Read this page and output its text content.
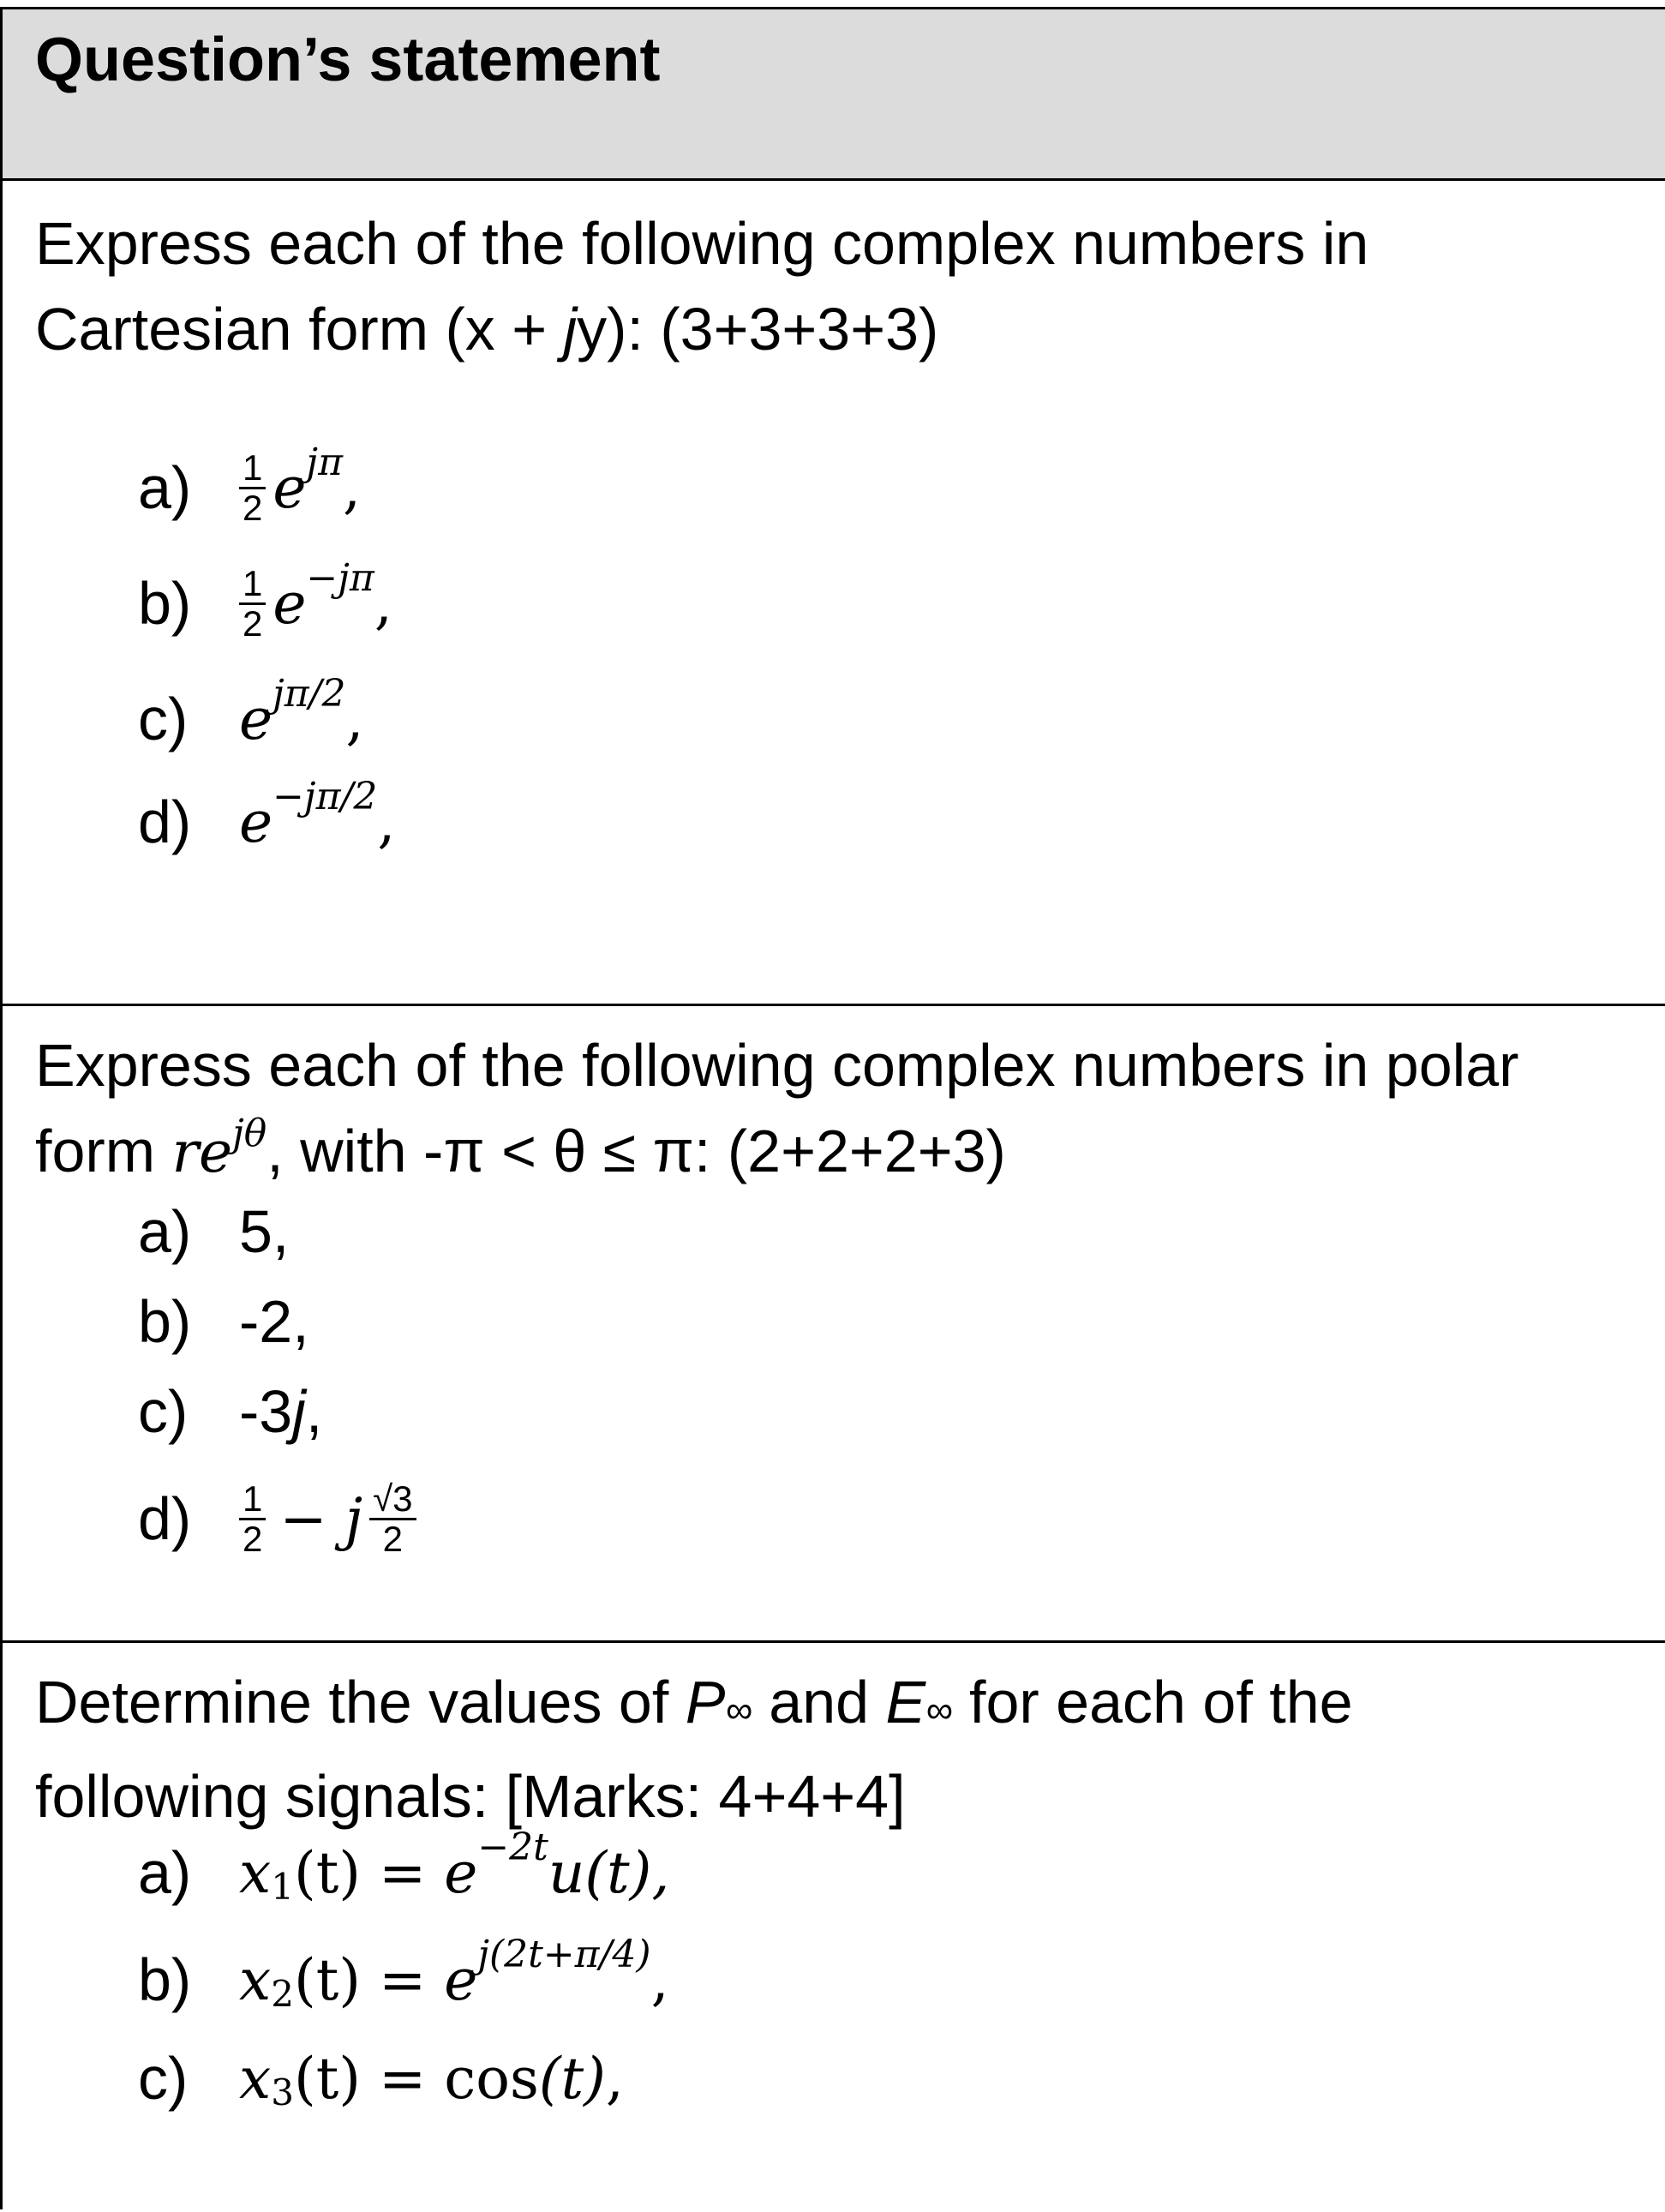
Question’s statement
Express each of the following complex numbers in
Cartesian form (x + jy): (3+3+3+3)
a)	$\frac{1}{2}$ e jπ ,
b)	$\frac{1}{2}$ e −jπ ,
c) e jπ/2 ,
d) e −jπ/2 ,
Express each of the following complex numbers in polar
form $re^{j\theta}$, with -π < θ ≤ π: (2+2+2+3)
a) 5,
b) -2,
c) -3 j ,
d)	$\frac{1}{2} - j \frac{√3}{2}$
Determine the values of P∞ and E∞ for each of the
following signals: [Marks: 4+4+4]
a) x 1 (t) = e −2t u(t),
b) x 2 (t) = e j(2t+π/4) ,
c) x 3 (t) = cos (t) ,
